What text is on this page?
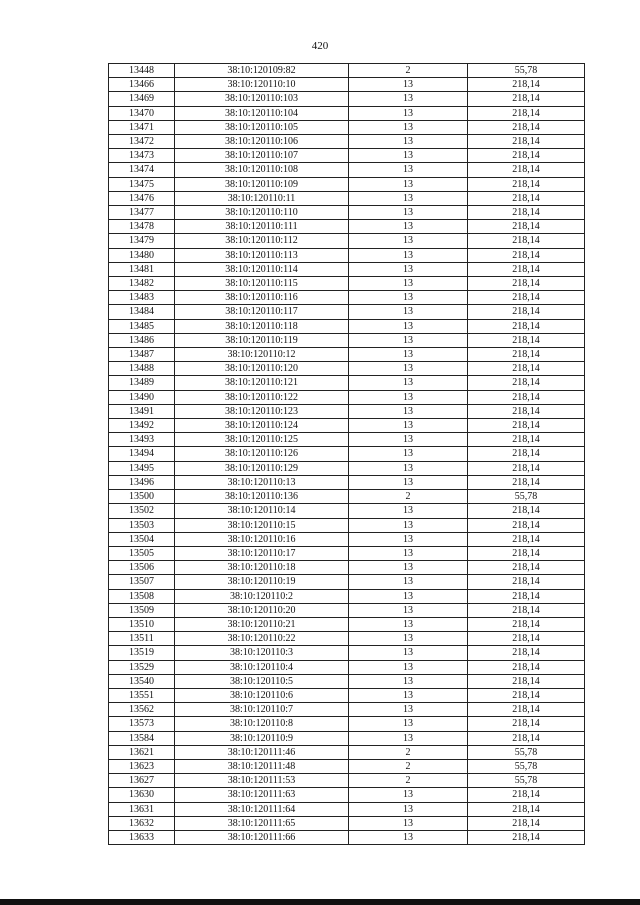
420
13448	38:10:120109:82	2	55,78
13466	38:10:120110:10	13	218,14
13469	38:10:120110:103	13	218,14
13470	38:10:120110:104	13	218,14
13471	38:10:120110:105	13	218,14
13472	38:10:120110:106	13	218,14
13473	38:10:120110:107	13	218,14
13474	38:10:120110:108	13	218,14
13475	38:10:120110:109	13	218,14
13476	38:10:120110:11	13	218,14
13477	38:10:120110:110	13	218,14
13478	38:10:120110:111	13	218,14
13479	38:10:120110:112	13	218,14
13480	38:10:120110:113	13	218,14
13481	38:10:120110:114	13	218,14
13482	38:10:120110:115	13	218,14
13483	38:10:120110:116	13	218,14
13484	38:10:120110:117	13	218,14
13485	38:10:120110:118	13	218,14
13486	38:10:120110:119	13	218,14
13487	38:10:120110:12	13	218,14
13488	38:10:120110:120	13	218,14
13489	38:10:120110:121	13	218,14
13490	38:10:120110:122	13	218,14
13491	38:10:120110:123	13	218,14
13492	38:10:120110:124	13	218,14
13493	38:10:120110:125	13	218,14
13494	38:10:120110:126	13	218,14
13495	38:10:120110:129	13	218,14
13496	38:10:120110:13	13	218,14
13500	38:10:120110:136	2	55,78
13502	38:10:120110:14	13	218,14
13503	38:10:120110:15	13	218,14
13504	38:10:120110:16	13	218,14
13505	38:10:120110:17	13	218,14
13506	38:10:120110:18	13	218,14
13507	38:10:120110:19	13	218,14
13508	38:10:120110:2	13	218,14
13509	38:10:120110:20	13	218,14
13510	38:10:120110:21	13	218,14
13511	38:10:120110:22	13	218,14
13519	38:10:120110:3	13	218,14
13529	38:10:120110:4	13	218,14
13540	38:10:120110:5	13	218,14
13551	38:10:120110:6	13	218,14
13562	38:10:120110:7	13	218,14
13573	38:10:120110:8	13	218,14
13584	38:10:120110:9	13	218,14
13621	38:10:120111:46	2	55,78
13623	38:10:120111:48	2	55,78
13627	38:10:120111:53	2	55,78
13630	38:10:120111:63	13	218,14
13631	38:10:120111:64	13	218,14
13632	38:10:120111:65	13	218,14
13633	38:10:120111:66	13	218,14
